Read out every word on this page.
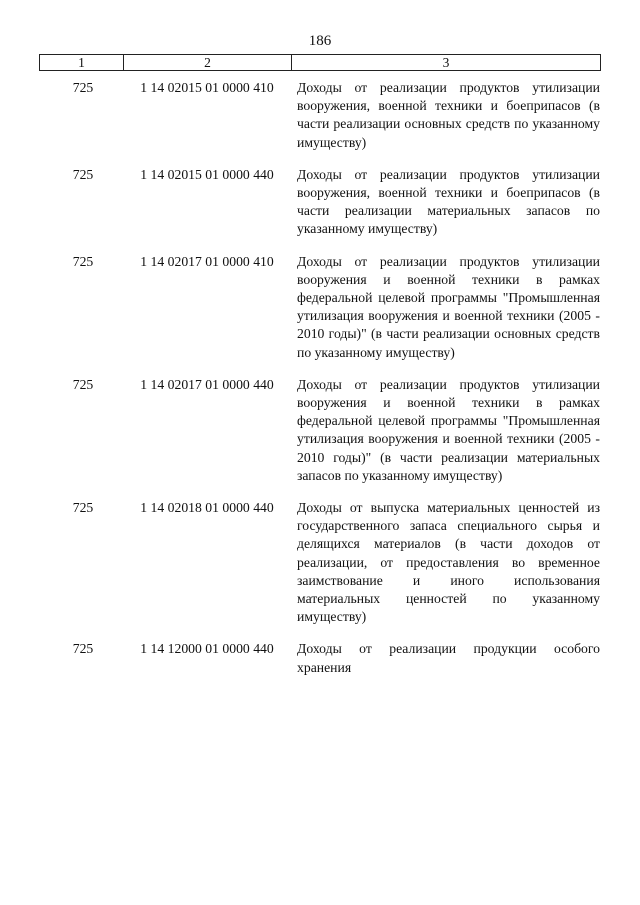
186
1	2	3
725	1 14 02015 01 0000 410	Доходы от реализации продуктов утилизации вооружения, военной техники и боеприпасов (в части реализации основных средств по указанному имуществу)
725	1 14 02015 01 0000 440	Доходы от реализации продуктов утилизации вооружения, военной техники и боеприпасов (в части реализации материальных запасов по указанному имуществу)
725	1 14 02017 01 0000 410	Доходы от реализации продуктов утилизации вооружения и военной техники в рамках федеральной целевой программы "Промышленная утилизация вооружения и военной техники (2005 - 2010 годы)" (в части реализации основных средств по указанному имуществу)
725	1 14 02017 01 0000 440	Доходы от реализации продуктов утилизации вооружения и военной техники в рамках федеральной целевой программы "Промышленная утилизация вооружения и военной техники (2005 - 2010 годы)" (в части реализации материальных запасов по указанному имуществу)
725	1 14 02018 01 0000 440	Доходы от выпуска материальных ценностей из государственного запаса специального сырья и делящихся материалов (в части доходов от реализации, от предоставления во временное заимствование и иного использования материальных ценностей по указанному имуществу)
725	1 14 12000 01 0000 440	Доходы от реализации продукции особого хранения
